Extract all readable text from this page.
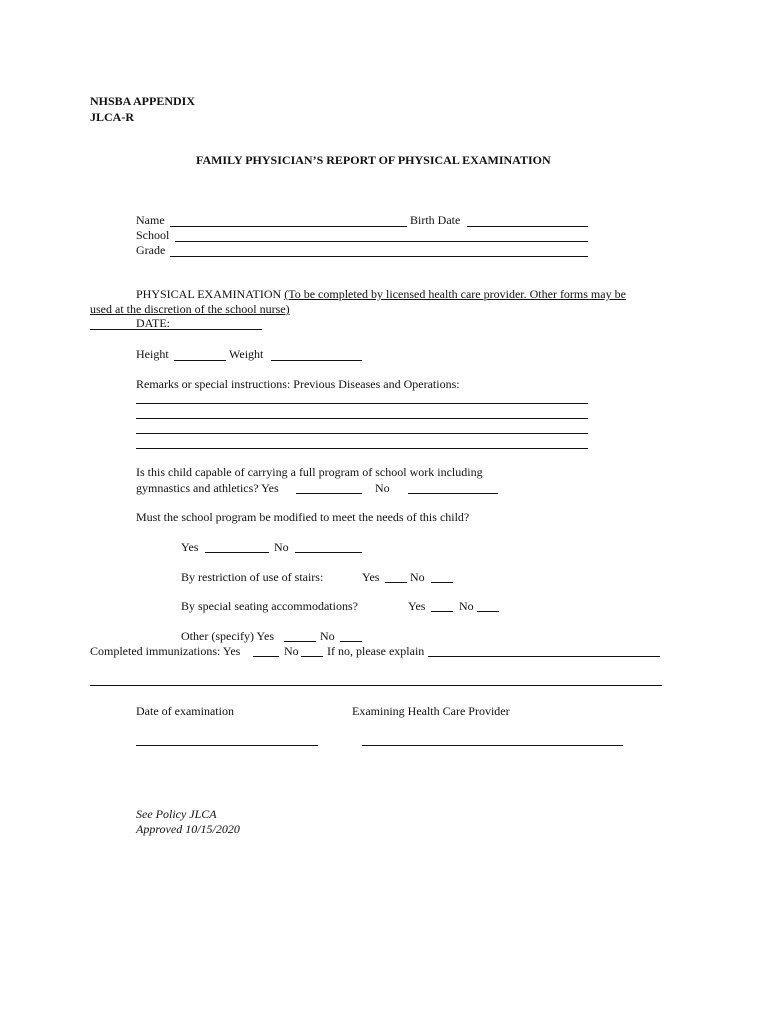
NHSBA APPENDIX
JLCA-R
FAMILY PHYSICIAN’S REPORT OF PHYSICAL EXAMINATION
Name	Birth Date
School
Grade
PHYSICAL EXAMINATION (To be completed by licensed health care provider. Other forms may be
used at the discretion of the school nurse)
DATE:
Height	Weight
Remarks or special instructions: Previous Diseases and Operations:
Is this child capable of carrying a full program of school work including
gymnastics and athletics? Yes	No
Must the school program be modified to meet the needs of this child?
Yes	No
By restriction of use of stairs:	Yes	No
By special seating accommodations?	Yes	No
Other (specify) Yes	No
Completed immunizations: Yes	No If no, please explain
Date of examination	Examining Health Care Provider
See Policy JLCA
Approved 10/15/2020
